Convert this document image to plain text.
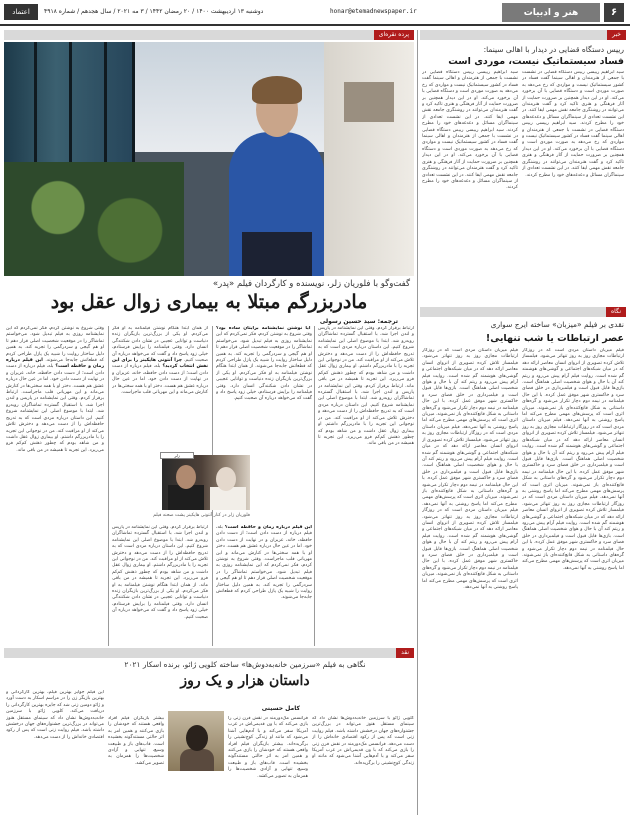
اعتماد	دوشنبه ۱۳ اردیبهشت ۱۴۰۰ / ۲۰ رمضان ۱۴۴۲ / ۳ مه ۲۰۲۱ / سال هجدهم / شماره ۴۹۱۸	honar@etemadnewspaper.ir	هنر و ادبیات	۶
پرده نقره‌ای	خبر
نگاه
نقد
گفت‌وگو با فلوریان زلر، نویسنده و کارگردان فیلم «پدر»
مادربزرگم مبتلا به بیماری زوال عقل بود
ترجمه: سید حسین رسولی
ارتباط برقرار کردم. وقتی این نمایشنامه در پاریس و لندن اجرا شد، با استقبال گسترده تماشاگران روبه‌رو شد. ابتدا با موضوع اصلی این نمایشنامه شروع کنیم. این داستان درباره مردی است که به تدریج حافظه‌اش را از دست می‌دهد و دخترش تلاش می‌کند از او مراقبت کند. من در نوجوانی این تجربه را با مادربزرگم داشتم. او بیماری زوال عقل داشت و من شاهد بودم که چطور ذهنش کم‌کم فرو می‌ریزد. این تجربه تا همیشه در من باقی ماند. ارتباط برقرار کردم. وقتی این نمایشنامه در پاریس و لندن اجرا شد، با استقبال گسترده تماشاگران روبه‌رو شد. ابتدا با موضوع اصلی این نمایشنامه شروع کنیم. این داستان درباره مردی است که به تدریج حافظه‌اش را از دست می‌دهد و دخترش تلاش می‌کند از او مراقبت کند. من در نوجوانی این تجربه را با مادربزرگم داشتم. او بیماری زوال عقل داشت و من شاهد بودم که چطور ذهنش کم‌کم فرو می‌ریزد. این تجربه تا همیشه در من باقی ماند.
آیا نوشتن نمایشنامه برایتان ساده بود؟ وقتی شروع به نوشتن کردم، فکر نمی‌کردم که این نمایشنامه روزی به فیلم تبدیل شود. می‌خواستم تماشاگر را در موقعیت شخصیت اصلی قرار دهم تا او هم گیجی و سردرگمی را تجربه کند. به همین دلیل ساختار روایت را شبیه یک پازل طراحی کردم که قطعاتش جابه‌جا می‌شوند. از همان ابتدا هنگام نوشتن فیلمنامه به او فکر می‌کردم. او یکی از بزرگ‌ترین بازیگران زنده دنیاست و توانایی عجیبی در نشان دادن شکنندگی انسان دارد. وقتی فیلمنامه را برایش فرستادم، خیلی زود پاسخ داد و گفت که می‌خواهد درباره آن صحبت کنیم.
این فیلم درباره زمان و حافظه است؟ بله، فیلم درباره از دست دادن است؛ از دست دادن حافظه، خانه، عزیزان و در نهایت از دست دادن خود. اما در عین حال درباره عشق هم هست. دختر او با همه سختی‌ها در کنارش می‌ماند و این مهربانی قلب ماجراست. وقتی شروع به نوشتن کردم، فکر نمی‌کردم که این نمایشنامه روزی به فیلم تبدیل شود. می‌خواستم تماشاگر را در موقعیت شخصیت اصلی قرار دهم تا او هم گیجی و سردرگمی را تجربه کند. به همین دلیل ساختار روایت را شبیه یک پازل طراحی کردم که قطعاتش جابه‌جا می‌شوند.
از همان ابتدا هنگام نوشتن فیلمنامه به او فکر می‌کردم. او یکی از بزرگ‌ترین بازیگران زنده دنیاست و توانایی عجیبی در نشان دادن شکنندگی انسان دارد. وقتی فیلمنامه را برایش فرستادم، خیلی زود پاسخ داد و گفت که می‌خواهد درباره آن صحبت کنیم. چرا آنتونی هاپکینز را برای این نقش انتخاب کردید؟ بله، فیلم درباره از دست دادن است؛ از دست دادن حافظه، خانه، عزیزان و در نهایت از دست دادن خود. اما در عین حال درباره عشق هم هست. دختر او با همه سختی‌ها در کنارش می‌ماند و این مهربانی قلب ماجراست.
ارتباط برقرار کردم. وقتی این نمایشنامه در پاریس و لندن اجرا شد، با استقبال گسترده تماشاگران روبه‌رو شد. ابتدا با موضوع اصلی این نمایشنامه شروع کنیم. این داستان درباره مردی است که به تدریج حافظه‌اش را از دست می‌دهد و دخترش تلاش می‌کند از او مراقبت کند. من در نوجوانی این تجربه را با مادربزرگم داشتم. او بیماری زوال عقل داشت و من شاهد بودم که چطور ذهنش کم‌کم فرو می‌ریزد. این تجربه تا همیشه در من باقی ماند. از همان ابتدا هنگام نوشتن فیلمنامه به او فکر می‌کردم. او یکی از بزرگ‌ترین بازیگران زنده دنیاست و توانایی عجیبی در نشان دادن شکنندگی انسان دارد. وقتی فیلمنامه را برایش فرستادم، خیلی زود پاسخ داد و گفت که می‌خواهد درباره آن صحبت کنیم.
وقتی شروع به نوشتن کردم، فکر نمی‌کردم که این نمایشنامه روزی به فیلم تبدیل شود. می‌خواستم تماشاگر را در موقعیت شخصیت اصلی قرار دهم تا او هم گیجی و سردرگمی را تجربه کند. به همین دلیل ساختار روایت را شبیه یک پازل طراحی کردم که قطعاتش جابه‌جا می‌شوند. این فیلم درباره زمان و حافظه است؟ بله، فیلم درباره از دست دادن است؛ از دست دادن حافظه، خانه، عزیزان و در نهایت از دست دادن خود. اما در عین حال درباره عشق هم هست. دختر او با همه سختی‌ها در کنارش می‌ماند و این مهربانی قلب ماجراست. ارتباط برقرار کردم. وقتی این نمایشنامه در پاریس و لندن اجرا شد، با استقبال گسترده تماشاگران روبه‌رو شد. ابتدا با موضوع اصلی این نمایشنامه شروع کنیم. این داستان درباره مردی است که به تدریج حافظه‌اش را از دست می‌دهد و دخترش تلاش می‌کند از او مراقبت کند. من در نوجوانی این تجربه را با مادربزرگم داشتم. او بیماری زوال عقل داشت و من شاهد بودم که چطور ذهنش کم‌کم فرو می‌ریزد. این تجربه تا همیشه در من باقی ماند.
زلر
فلوریان زلر در کنار آنتونی هاپکینز پشت صحنه فیلم
رییس دستگاه قضایی در دیدار با اهالی سینما:
فساد سیستماتیک نیست، موردی است
سید ابراهیم رییسی رییس دستگاه قضایی در نشست با جمعی از هنرمندان و اهالی سینما گفت فساد در کشور سیستماتیک نیست و مواردی که رخ می‌دهد به صورت موردی است و دستگاه قضایی با آن برخورد می‌کند. او در این دیدار همچنین بر ضرورت حمایت از آثار فرهنگی و هنری تاکید کرد و گفت هنرمندان می‌توانند در روشنگری جامعه نقش مهمی ایفا کنند. در این نشست تعدادی از سینماگران مسائل و دغدغه‌های خود را مطرح کردند. سید ابراهیم رییسی رییس دستگاه قضایی در نشست با جمعی از هنرمندان و اهالی سینما گفت فساد در کشور سیستماتیک نیست و مواردی که رخ می‌دهد به صورت موردی است و دستگاه قضایی با آن برخورد می‌کند. او در این دیدار همچنین بر ضرورت حمایت از آثار فرهنگی و هنری تاکید کرد و گفت هنرمندان می‌توانند در روشنگری جامعه نقش مهمی ایفا کنند. در این نشست تعدادی از سینماگران مسائل و دغدغه‌های خود را مطرح کردند.
سید ابراهیم رییسی رییس دستگاه قضایی در نشست با جمعی از هنرمندان و اهالی سینما گفت فساد در کشور سیستماتیک نیست و مواردی که رخ می‌دهد به صورت موردی است و دستگاه قضایی با آن برخورد می‌کند. او در این دیدار همچنین بر ضرورت حمایت از آثار فرهنگی و هنری تاکید کرد و گفت هنرمندان می‌توانند در روشنگری جامعه نقش مهمی ایفا کنند. در این نشست تعدادی از سینماگران مسائل و دغدغه‌های خود را مطرح کردند. سید ابراهیم رییسی رییس دستگاه قضایی در نشست با جمعی از هنرمندان و اهالی سینما گفت فساد در کشور سیستماتیک نیست و مواردی که رخ می‌دهد به صورت موردی است و دستگاه قضایی با آن برخورد می‌کند. او در این دیدار همچنین بر ضرورت حمایت از آثار فرهنگی و هنری تاکید کرد و گفت هنرمندان می‌توانند در روشنگری جامعه نقش مهمی ایفا کنند. در این نشست تعدادی از سینماگران مسائل و دغدغه‌های خود را مطرح کردند.
نقدی بر فیلم «میزبان» ساخته ایرج سواری
عصر ارتباطات یا شب تنهایی!
فیلم میزبان داستان مردی است که در روزگار ارتباطات مجازی روز به روز تنهاتر می‌شود. فیلمساز تلاش کرده تصویری از انزوای انسان معاصر ارائه دهد که در میان شبکه‌های اجتماعی و گوشی‌های هوشمند گم شده است. روایت فیلم آرام پیش می‌رود و ریتم کند آن با حال و هوای شخصیت اصلی هماهنگ است. بازی‌ها قابل قبول است و فیلمبرداری در خلق فضای سرد و خاکستری شهر موفق عمل کرده. با این حال فیلمنامه در نیمه دوم دچار تکرار می‌شود و گره‌های داستانی به شکل قانع‌کننده‌ای باز نمی‌شوند. میزبان اثری است که پرسش‌های مهمی مطرح می‌کند اما پاسخ روشنی به آنها نمی‌دهد. فیلم میزبان داستان مردی است که در روزگار ارتباطات مجازی روز به روز تنهاتر می‌شود. فیلمساز تلاش کرده تصویری از انزوای انسان معاصر ارائه دهد که در میان شبکه‌های اجتماعی و گوشی‌های هوشمند گم شده است. روایت فیلم آرام پیش می‌رود و ریتم کند آن با حال و هوای شخصیت اصلی هماهنگ است. بازی‌ها قابل قبول است و فیلمبرداری در خلق فضای سرد و خاکستری شهر موفق عمل کرده. با این حال فیلمنامه در نیمه دوم دچار تکرار می‌شود و گره‌های داستانی به شکل قانع‌کننده‌ای باز نمی‌شوند. میزبان اثری است که پرسش‌های مهمی مطرح می‌کند اما پاسخ روشنی به آنها نمی‌دهد. فیلم میزبان داستان مردی است که در روزگار ارتباطات مجازی روز به روز تنهاتر می‌شود. فیلمساز تلاش کرده تصویری از انزوای انسان معاصر ارائه دهد که در میان شبکه‌های اجتماعی و گوشی‌های هوشمند گم شده است. روایت فیلم آرام پیش می‌رود و ریتم کند آن با حال و هوای شخصیت اصلی هماهنگ است. بازی‌ها قابل قبول است و فیلمبرداری در خلق فضای سرد و خاکستری شهر موفق عمل کرده. با این حال فیلمنامه در نیمه دوم دچار تکرار می‌شود و گره‌های داستانی به شکل قانع‌کننده‌ای باز نمی‌شوند. میزبان اثری است که پرسش‌های مهمی مطرح می‌کند اما پاسخ روشنی به آنها نمی‌دهد.
فیلم میزبان داستان مردی است که در روزگار ارتباطات مجازی روز به روز تنهاتر می‌شود. فیلمساز تلاش کرده تصویری از انزوای انسان معاصر ارائه دهد که در میان شبکه‌های اجتماعی و گوشی‌های هوشمند گم شده است. روایت فیلم آرام پیش می‌رود و ریتم کند آن با حال و هوای شخصیت اصلی هماهنگ است. بازی‌ها قابل قبول است و فیلمبرداری در خلق فضای سرد و خاکستری شهر موفق عمل کرده. با این حال فیلمنامه در نیمه دوم دچار تکرار می‌شود و گره‌های داستانی به شکل قانع‌کننده‌ای باز نمی‌شوند. میزبان اثری است که پرسش‌های مهمی مطرح می‌کند اما پاسخ روشنی به آنها نمی‌دهد. فیلم میزبان داستان مردی است که در روزگار ارتباطات مجازی روز به روز تنهاتر می‌شود. فیلمساز تلاش کرده تصویری از انزوای انسان معاصر ارائه دهد که در میان شبکه‌های اجتماعی و گوشی‌های هوشمند گم شده است. روایت فیلم آرام پیش می‌رود و ریتم کند آن با حال و هوای شخصیت اصلی هماهنگ است. بازی‌ها قابل قبول است و فیلمبرداری در خلق فضای سرد و خاکستری شهر موفق عمل کرده. با این حال فیلمنامه در نیمه دوم دچار تکرار می‌شود و گره‌های داستانی به شکل قانع‌کننده‌ای باز نمی‌شوند. میزبان اثری است که پرسش‌های مهمی مطرح می‌کند اما پاسخ روشنی به آنها نمی‌دهد. فیلم میزبان داستان مردی است که در روزگار ارتباطات مجازی روز به روز تنهاتر می‌شود. فیلمساز تلاش کرده تصویری از انزوای انسان معاصر ارائه دهد که در میان شبکه‌های اجتماعی و گوشی‌های هوشمند گم شده است. روایت فیلم آرام پیش می‌رود و ریتم کند آن با حال و هوای شخصیت اصلی هماهنگ است. بازی‌ها قابل قبول است و فیلمبرداری در خلق فضای سرد و خاکستری شهر موفق عمل کرده. با این حال فیلمنامه در نیمه دوم دچار تکرار می‌شود و گره‌های داستانی به شکل قانع‌کننده‌ای باز نمی‌شوند. میزبان اثری است که پرسش‌های مهمی مطرح می‌کند اما پاسخ روشنی به آنها نمی‌دهد.
نگاهی به فیلم «سرزمین خانه‌به‌دوش‌ها» ساخته کلویی ژائو، برنده اسکار ۲۰۲۱
داستان هزار و یک روز
کامل حسینی
کلویی ژائو با سرزمین خانه‌به‌دوش‌ها نشان داد که سینمای مستقل هنوز می‌تواند در بزرگ‌ترین جشنواره‌های جهان درخشش داشته باشد. فیلم روایت زنی است که پس از رکود اقتصادی خانه‌اش را از دست می‌دهد. فرانسس مک‌دورمند در نقش فرن زنی را بازی می‌کند که با ون قدیمی‌اش در غرب آمریکا سفر می‌کند و با آدم‌هایی آشنا می‌شود که مانند او زندگی کوچ‌نشینی را برگزیده‌اند.
فرانسس مک‌دورمند در نقش فرن زنی را بازی می‌کند که با ون قدیمی‌اش در غرب آمریکا سفر می‌کند و با آدم‌هایی آشنا می‌شود که مانند او زندگی کوچ‌نشینی را برگزیده‌اند. بیشتر بازیگران فیلم افراد واقعی هستند که خودشان را بازی می‌کنند و همین امر به اثر حالتی مستندگونه بخشیده است. قاب‌های باز و طبیعت وسیع، تنهایی و آزادی شخصیت‌ها را همزمان به تصویر می‌کشد.
بیشتر بازیگران فیلم افراد واقعی هستند که خودشان را بازی می‌کنند و همین امر به اثر حالتی مستندگونه بخشیده است. قاب‌های باز و طبیعت وسیع، تنهایی و آزادی شخصیت‌ها را همزمان به تصویر می‌کشد.
این فیلم جوایز بهترین فیلم، بهترین کارگردانی و بهترین بازیگر زن را در مراسم اسکار به دست آورد و ژائو دومین زنی شد که جایزه بهترین کارگردانی را دریافت می‌کند. کلویی ژائو با سرزمین خانه‌به‌دوش‌ها نشان داد که سینمای مستقل هنوز می‌تواند در بزرگ‌ترین جشنواره‌های جهان درخشش داشته باشد. فیلم روایت زنی است که پس از رکود اقتصادی خانه‌اش را از دست می‌دهد.
